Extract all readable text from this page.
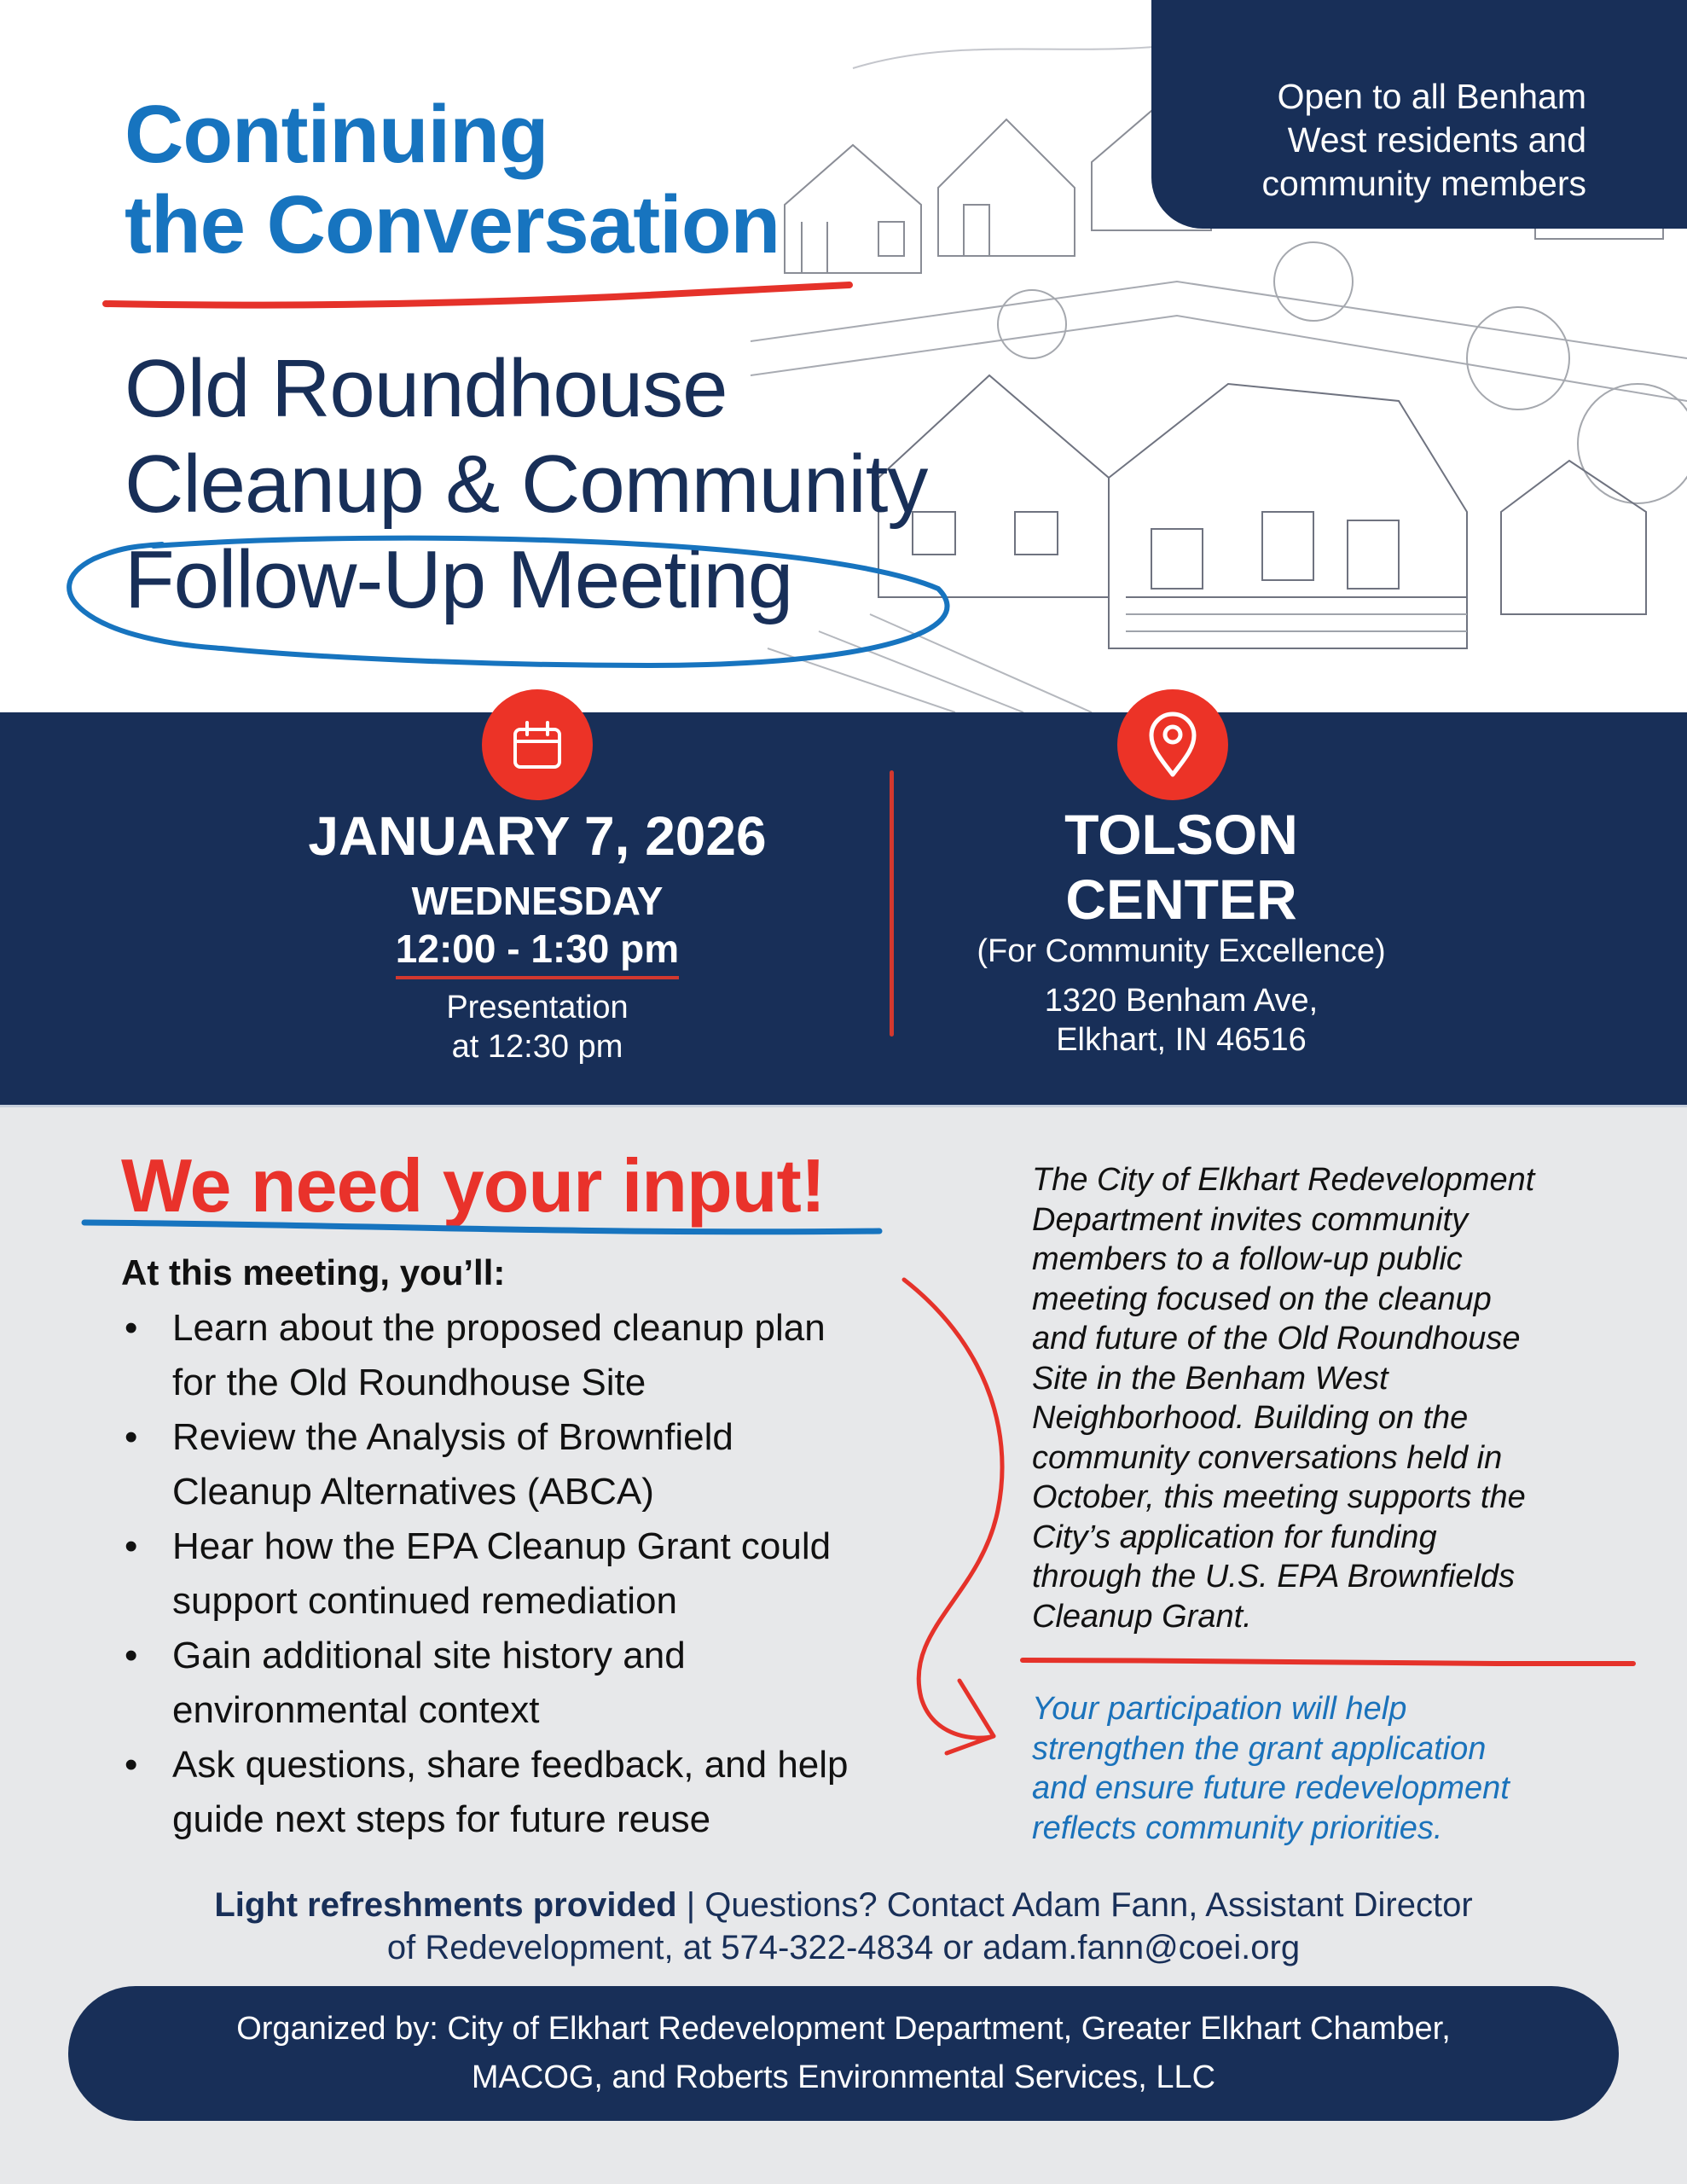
Open to all Benham
West residents and
community members
Continuing
the Conversation
Old Roundhouse
Cleanup & Community
Follow-Up Meeting
JANUARY 7, 2026
WEDNESDAY
12:00 - 1:30 pm
Presentation
at 12:30 pm
TOLSON
CENTER
(For Community Excellence)
1320 Benham Ave,
Elkhart, IN 46516
We need your input!
At this meeting, you’ll:
• Learn about the proposed cleanup plan
for the Old Roundhouse Site
• Review the Analysis of Brownfield
Cleanup Alternatives (ABCA)
• Hear how the EPA Cleanup Grant could
support continued remediation
• Gain additional site history and
environmental context
• Ask questions, share feedback, and help
guide next steps for future reuse
The City of Elkhart Redevelopment
Department invites community
members to a follow-up public
meeting focused on the cleanup
and future of the Old Roundhouse
Site in the Benham West
Neighborhood. Building on the
community conversations held in
October, this meeting supports the
City’s application for funding
through the U.S. EPA Brownfields
Cleanup Grant.
Your participation will help
strengthen the grant application
and ensure future redevelopment
reflects community priorities.
Light refreshments provided | Questions? Contact Adam Fann, Assistant Director
of Redevelopment, at 574-322-4834 or adam.fann@coei.org
Organized by: City of Elkhart Redevelopment Department, Greater Elkhart Chamber,
MACOG, and Roberts Environmental Services, LLC
